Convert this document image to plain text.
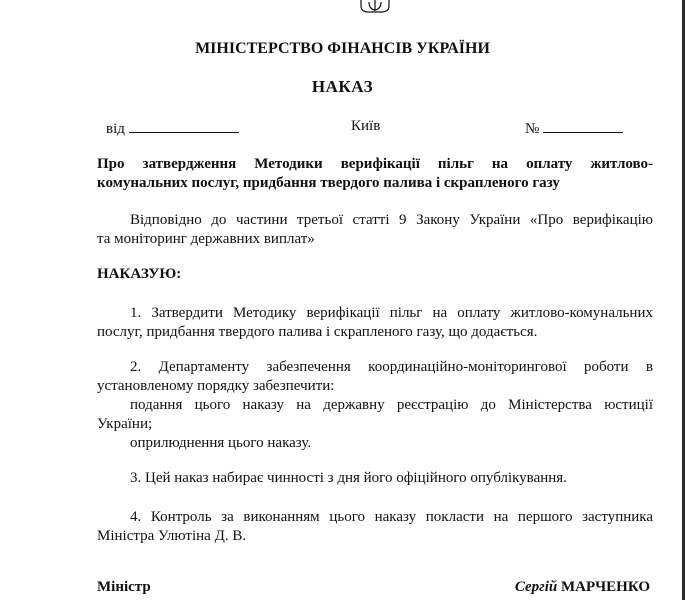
МІНІСТЕРСТВО ФІНАНСІВ УКРАЇНИ
НАКАЗ
від	Київ	№
Про затвердження Методики верифікації пільг на оплату житлово-
комунальних послуг, придбання твердого палива і скрапленого газу
Відповідно до частини третьої статті 9 Закону України «Про верифікацію
та моніторинг державних виплат»
НАКАЗУЮ:
1. Затвердити Методику верифікації пільг на оплату житлово-комунальних
послуг, придбання твердого палива і скрапленого газу, що додається.
2. Департаменту забезпечення координаційно-моніторингової роботи в
установленому порядку забезпечити:
подання цього наказу на державну реєстрацію до Міністерства юстиції
України;
оприлюднення цього наказу.
3. Цей наказ набирає чинності з дня його офіційного опублікування.
4. Контроль за виконанням цього наказу покласти на першого заступника
Міністра Улютіна Д. В.
Міністр	Сергій МАРЧЕНКО
